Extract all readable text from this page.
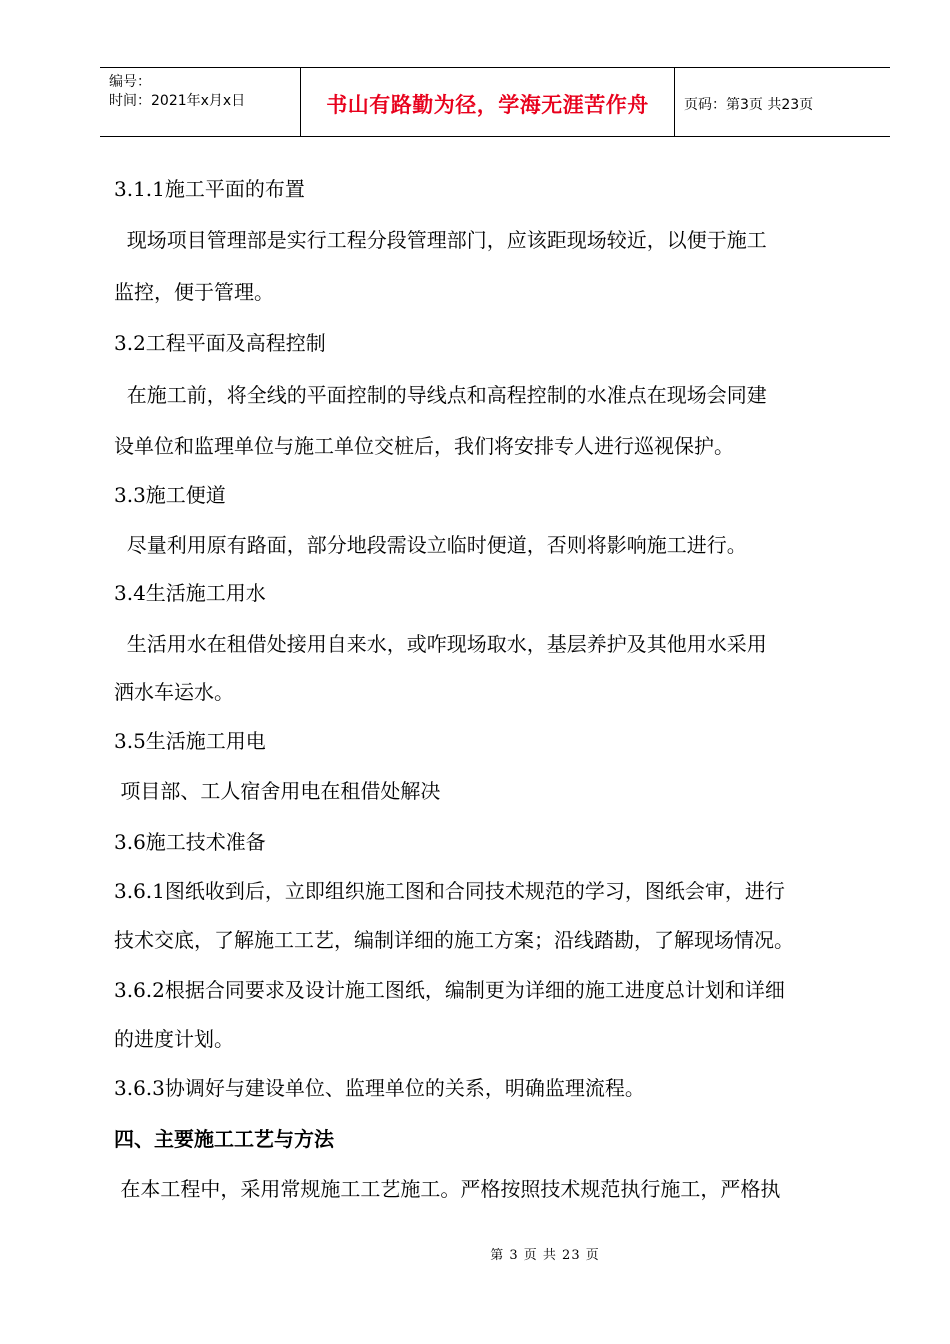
编号：
时间：2021年x月x日	书山有路勤为径，学海无涯苦作舟	页码：第3页 共23页
3.1.1施工平面的布置
现场项目管理部是实行工程分段管理部门，应该距现场较近，以便于施工
监控，便于管理。
3.2工程平面及高程控制
在施工前，将全线的平面控制的导线点和高程控制的水准点在现场会同建
设单位和监理单位与施工单位交桩后，我们将安排专人进行巡视保护。
3.3施工便道
尽量利用原有路面，部分地段需设立临时便道，否则将影响施工进行。
3.4生活施工用水
生活用水在租借处接用自来水，或咋现场取水，基层养护及其他用水采用
洒水车运水。
3.5生活施工用电
项目部、工人宿舍用电在租借处解决
3.6施工技术准备
3.6.1图纸收到后，立即组织施工图和合同技术规范的学习，图纸会审，进行
技术交底，了解施工工艺，编制详细的施工方案；沿线踏勘，了解现场情况。
3.6.2根据合同要求及设计施工图纸，编制更为详细的施工进度总计划和详细
的进度计划。
3.6.3协调好与建设单位、监理单位的关系，明确监理流程。
四、主要施工工艺与方法
在本工程中，采用常规施工工艺施工。严格按照技术规范执行施工，严格执
第 3 页 共 23 页
